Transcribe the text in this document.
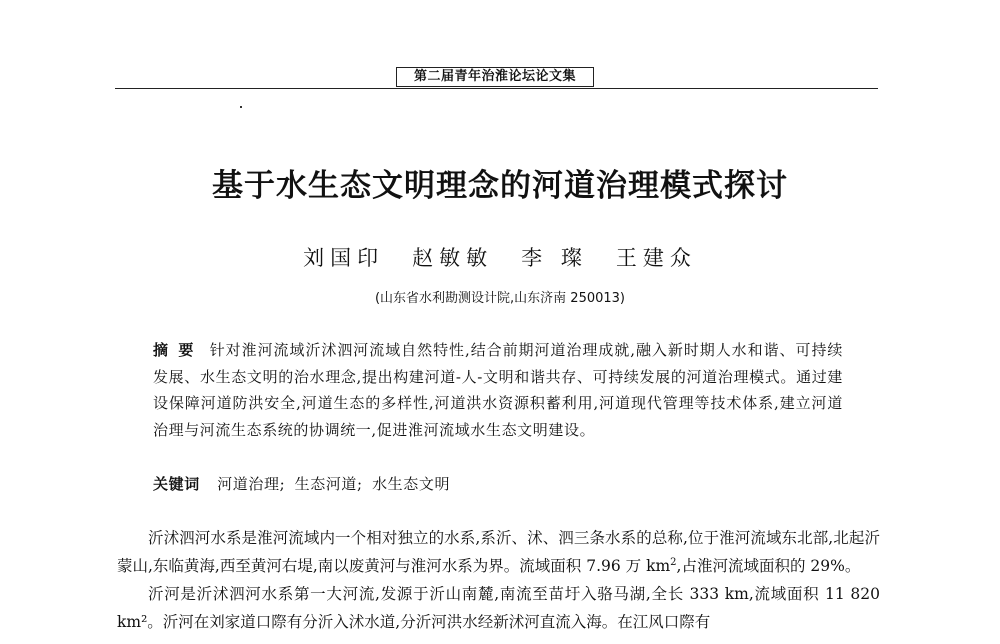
第二届青年治淮论坛论文集
基于水生态文明理念的河道治理模式探讨
刘国印 赵敏敏 李 璨 王建众
(山东省水利勘测设计院,山东济南 250013)
摘要 针对淮河流域沂沭泗河流域自然特性,结合前期河道治理成就,融入新时期人水和谐、可持续发展、水生态文明的治水理念,提出构建河道-人-文明和谐共存、可持续发展的河道治理模式。通过建设保障河道防洪安全,河道生态的多样性,河道洪水资源积蓄利用,河道现代管理等技术体系,建立河道治理与河流生态系统的协调统一,促进淮河流域水生态文明建设。
关键词 河道治理; 生态河道; 水生态文明

沂沭泗河水系是淮河流域内一个相对独立的水系,系沂、沭、泗三条水系的总称,位于淮河流域东北部,北起沂蒙山,东临黄海,西至黄河右堤,南以废黄河与淮河水系为界。流域面积 7.96 万 $km^2$,占淮河流域面积的 29%。

沂河是沂沭泗河水系第一大河流,发源于沂山南麓,南流至苗圩入骆马湖,全长 333 km,流域面积 11 820 km²。沂河在刘家道口際有分沂入沭水道,分沂河洪水经新沭河直流入海。在江风口際有
